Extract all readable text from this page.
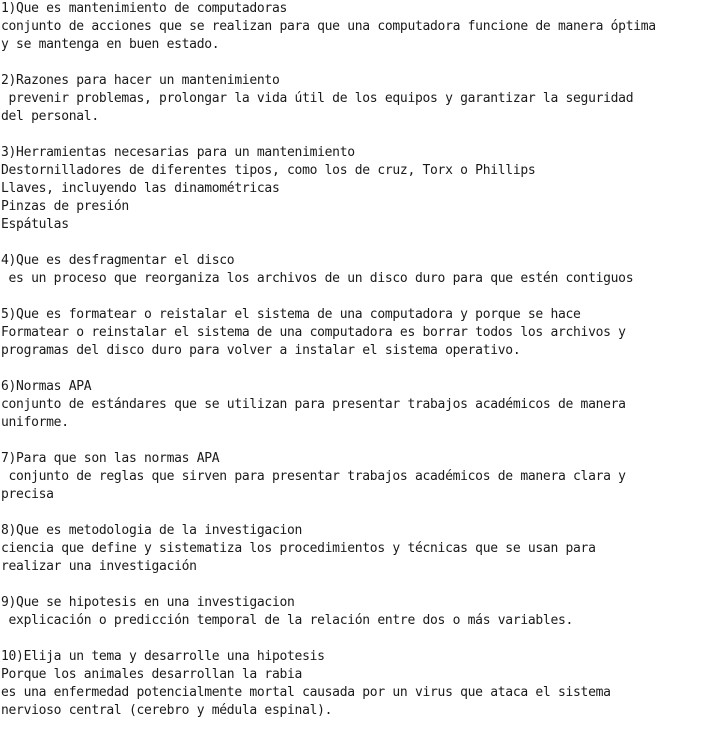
1)Que es mantenimiento de computadoras
conjunto de acciones que se realizan para que una computadora funcione de manera óptima
y se mantenga en buen estado.
2)Razones para hacer un mantenimiento
prevenir problemas, prolongar la vida útil de los equipos y garantizar la seguridad
del personal.
3)Herramientas necesarias para un mantenimiento
Destornilladores de diferentes tipos, como los de cruz, Torx o Phillips
Llaves, incluyendo las dinamométricas
Pinzas de presión
Espátulas
4)Que es desfragmentar el disco
es un proceso que reorganiza los archivos de un disco duro para que estén contiguos
5)Que es formatear o reistalar el sistema de una computadora y porque se hace
Formatear o reinstalar el sistema de una computadora es borrar todos los archivos y
programas del disco duro para volver a instalar el sistema operativo.
6)Normas APA
conjunto de estándares que se utilizan para presentar trabajos académicos de manera
uniforme.
7)Para que son las normas APA
conjunto de reglas que sirven para presentar trabajos académicos de manera clara y
precisa
8)Que es metodologia de la investigacion
ciencia que define y sistematiza los procedimientos y técnicas que se usan para
realizar una investigación
9)Que se hipotesis en una investigacion
explicación o predicción temporal de la relación entre dos o más variables.
10)Elija un tema y desarrolle una hipotesis
Porque los animales desarrollan la rabia
es una enfermedad potencialmente mortal causada por un virus que ataca el sistema
nervioso central (cerebro y médula espinal).
